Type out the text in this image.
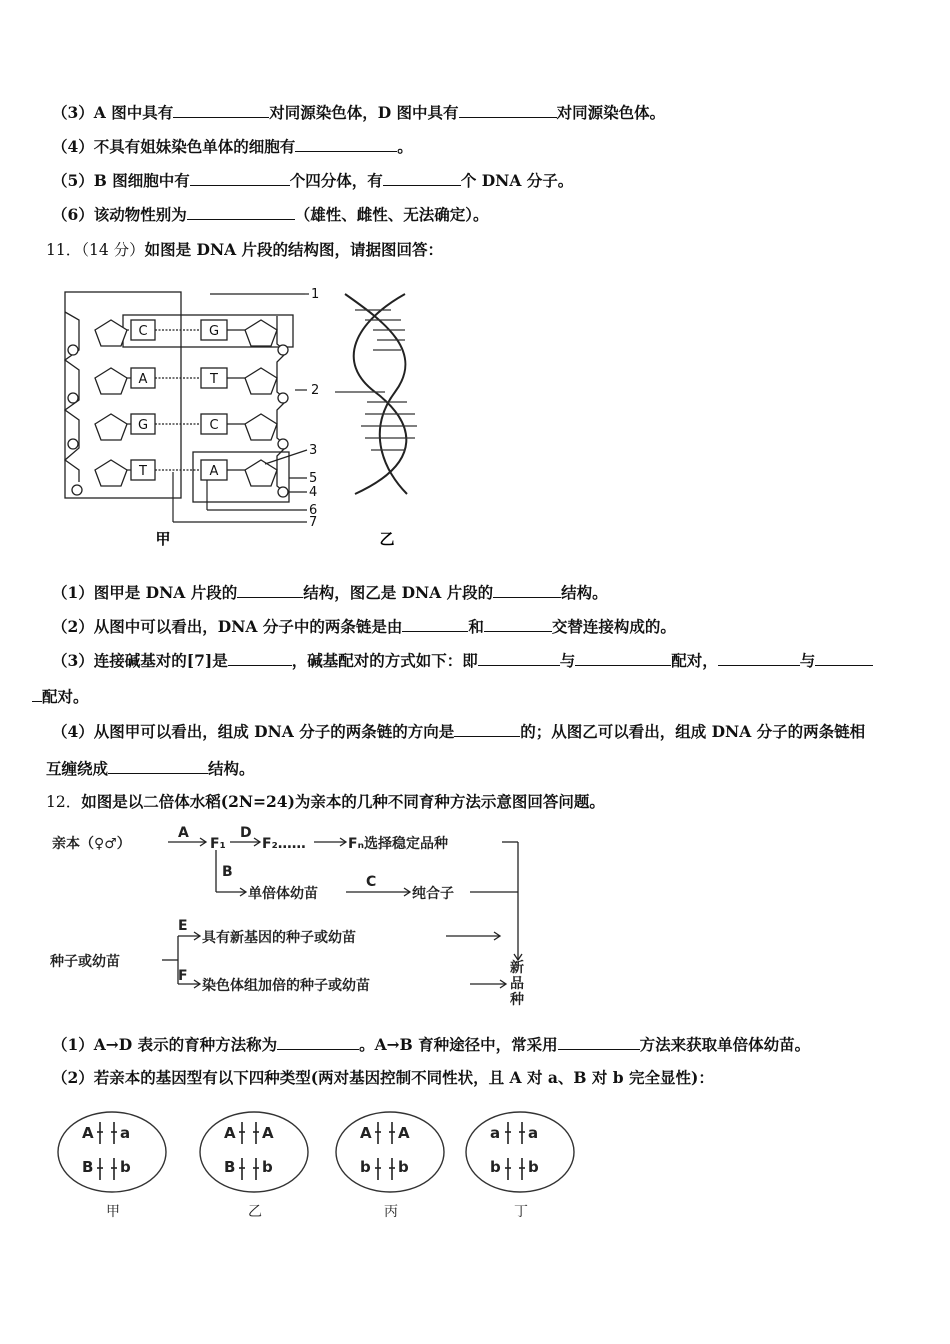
（3）A 图中具有	对同源染色体，D 图中具有	对同源染色体。
（4）不具有姐妹染色单体的细胞有	。
（5）B 图细胞中有	个四分体，有	个 DNA 分子。
（6）该动物性别为	（雄性、雌性、无法确定）。
11．（14 分）如图是 DNA 片段的结构图，请据图回答：
C
A
G
T
G
T
C
A
1
2
3
5
4
6
7
甲	乙
（1）图甲是 DNA 片段的	结构，图乙是 DNA 片段的	结构。
（2）从图中可以看出，DNA 分子中的两条链是由	和	交替连接构成的。
（3）连接碱基对的[7]是	，碱基配对的方式如下：即	与	配对，	与
配对。
（4）从图甲可以看出，组成 DNA 分子的两条链的方向是	的；从图乙可以看出，组成 DNA 分子的两条链相
互缠绕成	结构。
12．如图是以二倍体水稻(2N=24)为亲本的几种不同育种方法示意图回答问题。
亲本（♀♂）
A	D
F₁	F₂……	Fₙ选择稳定品种
B
单倍体幼苗
C
纯合子
E
具有新基因的种子或幼苗
种子或幼苗
F
染色体组加倍的种子或幼苗
新
品
种
（1）A→D 表示的育种方法称为	。A→B 育种途径中，常采用	方法来获取单倍体幼苗。
（2）若亲本的基因型有以下四种类型(两对基因控制不同性状，且 A 对 a、B 对 b 完全显性)：
A a
B b
甲
A A
B b
乙
A A
b b
丙
a a
b b
丁
